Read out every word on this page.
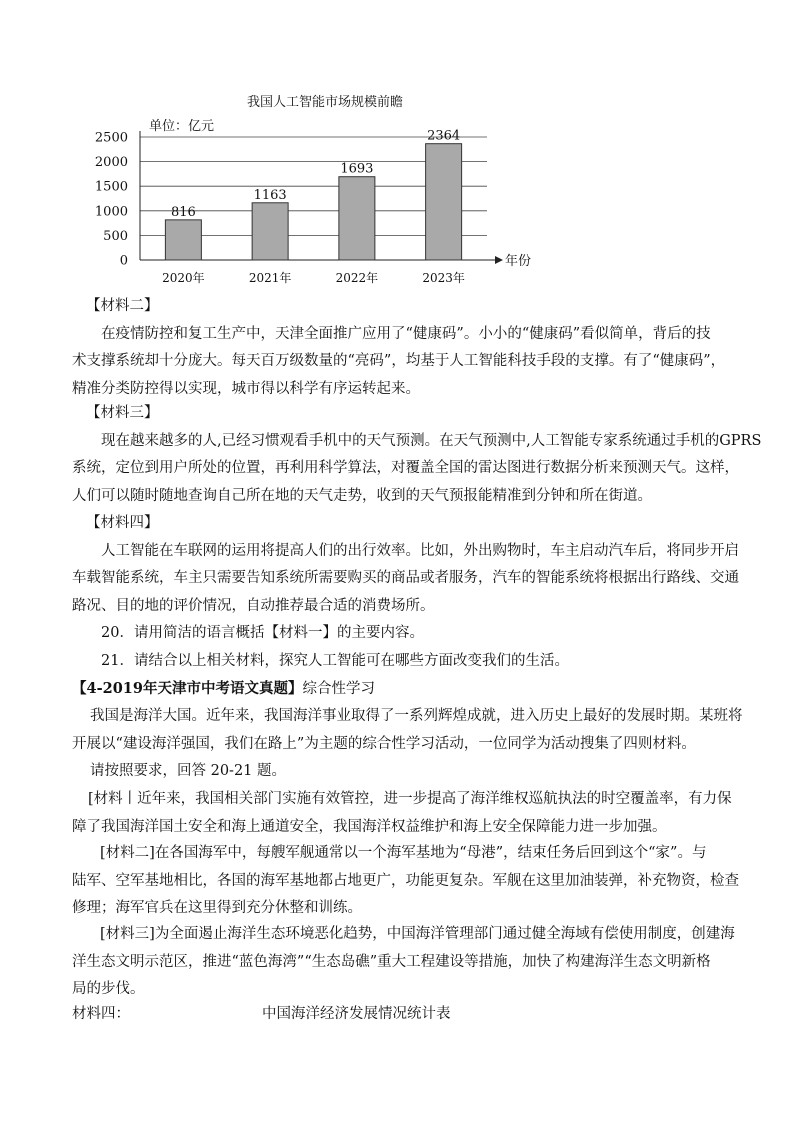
我国人工智能市场规模前瞻
单位：亿元
0
500
1000
1500
2000
2500
年份
816
2020年
1163
2021年
1693
2022年
2364
2023年
【材料二】
在疫情防控和复工生产中，天津全面推广应用了“健康码”。小小的“健康码”看似简单，背后的技
术支撑系统却十分庞大。每天百万级数量的“亮码”，均基于人工智能科技手段的支撑。有了“健康码”，
精准分类防控得以实现，城市得以科学有序运转起来。
【材料三】
现在越来越多的人,已经习惯观看手机中的天气预测。在天气预测中,人工智能专家系统通过手机的GPRS
系统，定位到用户所处的位置，再利用科学算法，对覆盖全国的雷达图进行数据分析来预测天气。这样，
人们可以随时随地查询自己所在地的天气走势，收到的天气预报能精准到分钟和所在街道。
【材料四】
人工智能在车联网的运用将提高人们的出行效率。比如，外出购物时，车主启动汽车后，将同步开启
车载智能系统，车主只需要告知系统所需要购买的商品或者服务，汽车的智能系统将根据出行路线、交通
路况、目的地的评价情况，自动推荐最合适的消费场所。
20．请用简洁的语言概括【材料一】的主要内容。
21．请结合以上相关材料，探究人工智能可在哪些方面改变我们的生活。
【4-2019年天津市中考语文真题】综合性学习
我国是海洋大国。近年来，我国海洋事业取得了一系列辉煌成就，进入历史上最好的发展时期。某班将
开展以“建设海洋强国，我们在路上”为主题的综合性学习活动，一位同学为活动搜集了四则材料。
请按照要求，回答 20-21 题。
[材料丨近年来，我国相关部门实施有效管控，进一步提高了海洋维权巡航执法的时空覆盖率，有力保
障了我国海洋国土安全和海上通道安全，我国海洋权益维护和海上安全保障能力进一步加强。
[材料二]在各国海军中，每艘军舰通常以一个海军基地为“母港”，结束任务后回到这个“家”。与
陆军、空军基地相比，各国的海军基地都占地更广，功能更复杂。军舰在这里加油装弹，补充物资，检查
修理；海军官兵在这里得到充分休整和训练。
[材料三]为全面遏止海洋生态环境恶化趋势，中国海洋管理部门通过健全海域有偿使用制度，创建海
洋生态文明示范区，推进“蓝色海湾”“生态岛礁”重大工程建设等措施，加快了构建海洋生态文明新格
局的步伐。
材料四：	中国海洋经济发展情况统计表
